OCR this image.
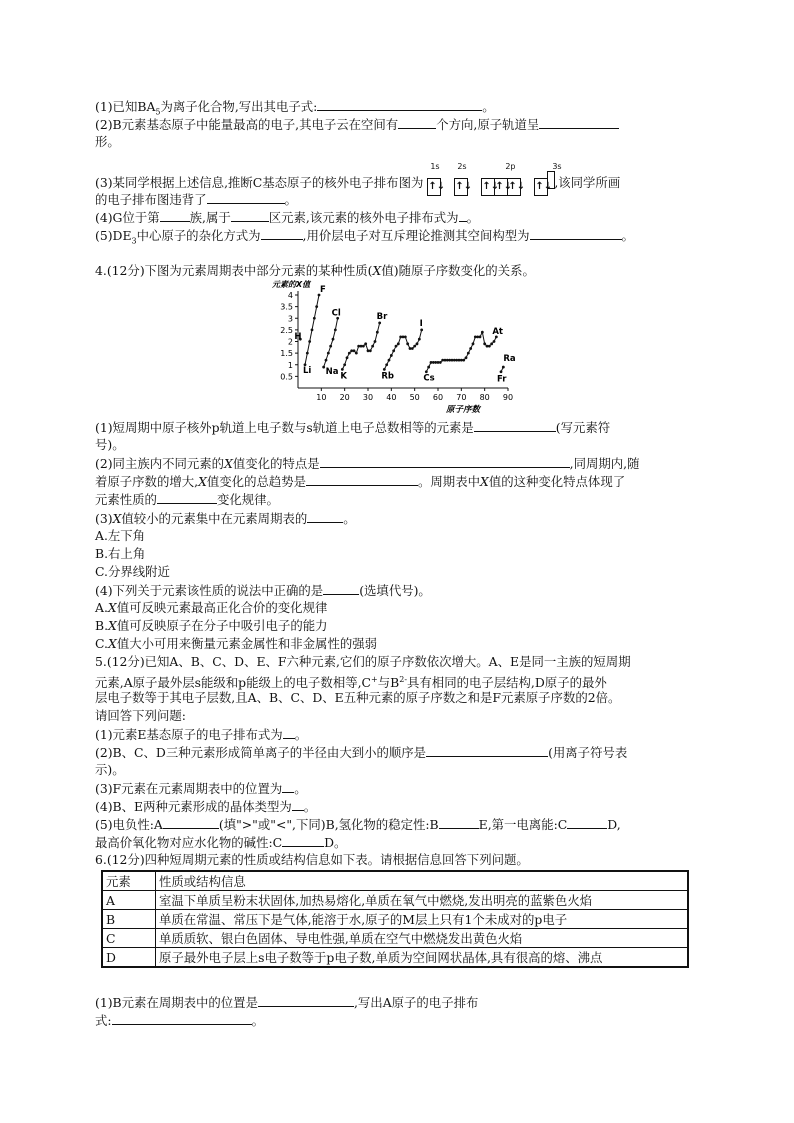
(1)已知$BA_5$为离子化合物,写出其电子式:	。
(2)B元素基态原子中能量最高的电子,其电子云在空间有	个方向,原子轨道呈
形。
(3)某同学根据上述信息,推断C基态原子的核外电子排布图为
1s 2s	2p	3s
↑↓ ↑↓ ↑↓↑↓↑↓ ↑↓ ,该同学所画
的电子排布图违背了	。
(4)G位于第 族,属于	区元素,该元素的核外电子排布式为 。
$(5)DE_3$中心原子的杂化方式为	,用价层电子对互斥理论推测其空间构型为	。
4.(12分)下图为元素周期表中部分元素的某种性质(X值)随原子序数变化的关系。
元素的X值
原子序数
0.5
1
1.5
2
2.5
3
3.5
4
10 20 30 40 50 60 70 80 90
H
Li
F
Na
Cl
K
Br
Rb
I
Cs
At
Fr
Ra
(1)短周期中原子核外p轨道上电子数与s轨道上电子总数相等的元素是	(写元素符
号)。
(2)同主族内不同元素的X值变化的特点是	,同周期内,随
着原子序数的增大,X值变化的总趋势是	。周期表中X值的这种变化特点体现了
元素性质的	变化规律。
(3)X值较小的元素集中在元素周期表的	。
A.左下角
B.右上角
C.分界线附近
(4)下列关于元素该性质的说法中正确的是	(选填代号)。
A.X值可反映元素最高正化合价的变化规律
B.X值可反映原子在分子中吸引电子的能力
C.X值大小可用来衡量元素金属性和非金属性的强弱
5.(12分)已知A、B、C、D、E、F六种元素,它们的原子序数依次增大。A、E是同一主族的短周期
元素,A原子最外层s能级和p能级上的电子数相等,C+与$B^{2-}$具有相同的电子层结构,D原子的最外
层电子数等于其电子层数,且A、B、C、D、E五种元素的原子序数之和是F元素原子序数的2倍。
请回答下列问题:
(1)元素E基态原子的电子排布式为 。
(2)B、C、D三种元素形成简单离子的半径由大到小的顺序是	(用离子符号表
示)。
(3)F元素在元素周期表中的位置为 。
(4)B、E两种元素形成的晶体类型为 。
(5)电负性:A	(填">"或"<",下同)B,氢化物的稳定性:B	E,第一电离能:C	D,
最高价氧化物对应水化物的碱性:C	D。
6.(12分)四种短周期元素的性质或结构信息如下表。请根据信息回答下列问题。
元素	性质或结构信息
A	室温下单质呈粉末状固体,加热易熔化,单质在氧气中燃烧,发出明亮的蓝紫色火焰
B	单质在常温、常压下是气体,能溶于水,原子的M层上只有1个未成对的p电子
C	单质质软、银白色固体、导电性强,单质在空气中燃烧发出黄色火焰
D	原子最外电子层上s电子数等于p电子数,单质为空间网状晶体,具有很高的熔、沸点
(1)B元素在周期表中的位置是	,写出A原子的电子排布
式:	。
